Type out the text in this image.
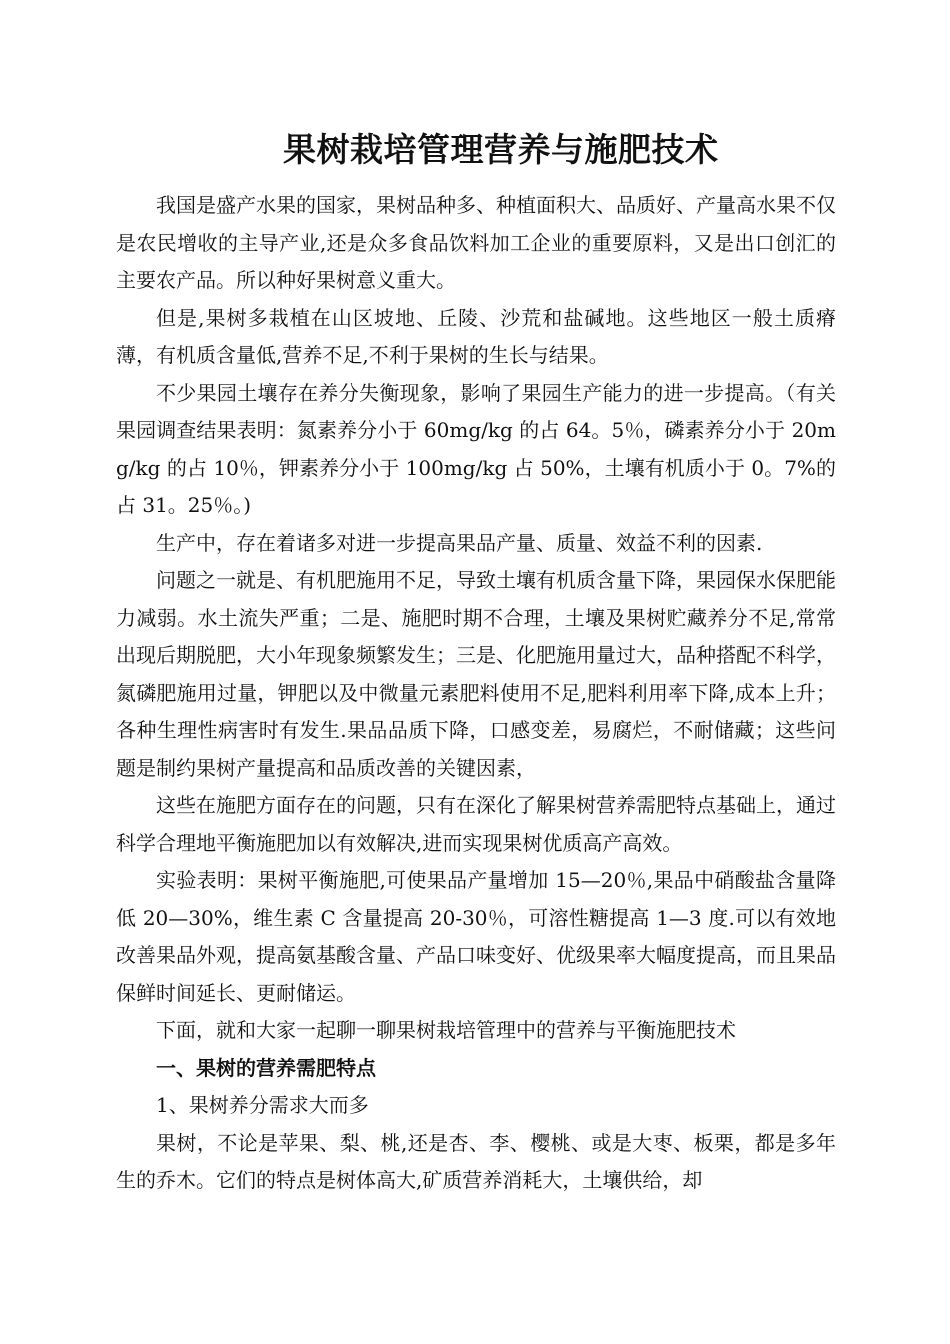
果树栽培管理营养与施肥技术

我国是盛产水果的国家，果树品种多、种植面积大、品质好、产量高水果不仅是农民增收的主导产业,还是众多食品饮料加工企业的重要原料，又是出口创汇的主要农产品。所以种好果树意义重大。

但是,果树多栽植在山区坡地、丘陵、沙荒和盐碱地。这些地区一般土质瘠薄，有机质含量低,营养不足,不利于果树的生长与结果。

不少果园土壤存在养分失衡现象，影响了果园生产能力的进一步提高。（有关果园调查结果表明：氮素养分小于 60mg/kg 的占 64。5％，磷素养分小于 20mg/kg 的占 10％，钾素养分小于 100mg/kg 占 50%，土壤有机质小于 0。7%的占 31。25％。)

生产中，存在着诸多对进一步提高果品产量、质量、效益不利的因素.

问题之一就是、有机肥施用不足，导致土壤有机质含量下降，果园保水保肥能力减弱。水土流失严重；二是、施肥时期不合理，土壤及果树贮藏养分不足,常常出现后期脱肥，大小年现象频繁发生；三是、化肥施用量过大，品种搭配不科学，氮磷肥施用过量，钾肥以及中微量元素肥料使用不足,肥料利用率下降,成本上升；各种生理性病害时有发生.果品品质下降，口感变差，易腐烂，不耐储藏；这些问题是制约果树产量提高和品质改善的关键因素，

这些在施肥方面存在的问题，只有在深化了解果树营养需肥特点基础上，通过科学合理地平衡施肥加以有效解决,进而实现果树优质高产高效。

实验表明：果树平衡施肥,可使果品产量增加 15—20％,果品中硝酸盐含量降低 20—30%，维生素 C 含量提高 20-30％，可溶性糖提高 1—3 度.可以有效地改善果品外观，提高氨基酸含量、产品口味变好、优级果率大幅度提高，而且果品保鲜时间延长、更耐储运。

下面，就和大家一起聊一聊果树栽培管理中的营养与平衡施肥技术

一、果树的营养需肥特点

1、果树养分需求大而多

果树，不论是苹果、梨、桃,还是杏、李、樱桃、或是大枣、板栗，都是多年生的乔木。它们的特点是树体高大,矿质营养消耗大，土壤供给，却
